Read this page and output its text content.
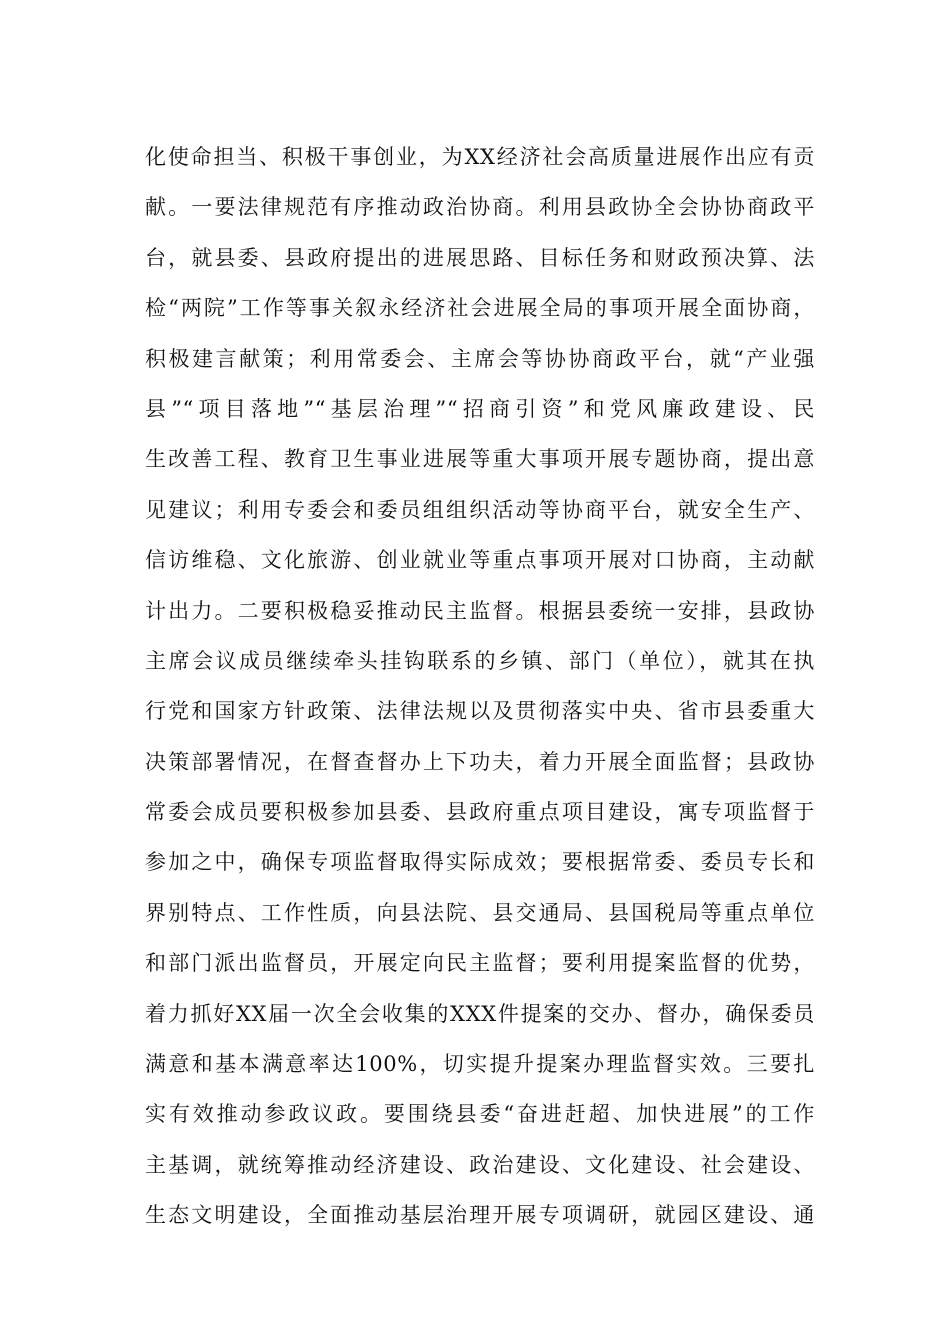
化使命担当、积极干事创业，为XX经济社会高质量进展作出应有贡
献。一要法律规范有序推动政治协商。利用县政协全会协协商政平
台，就县委、县政府提出的进展思路、目标任务和财政预决算、法
检“两院”工作等事关叙永经济社会进展全局的事项开展全面协商，
积极建言献策；利用常委会、主席会等协协商政平台，就“产业强
县”“项目落地”“基层治理”“招商引资”和党风廉政建设、民
生改善工程、教育卫生事业进展等重大事项开展专题协商，提出意
见建议；利用专委会和委员组组织活动等协商平台，就安全生产、
信访维稳、文化旅游、创业就业等重点事项开展对口协商，主动献
计出力。二要积极稳妥推动民主监督。根据县委统一安排，县政协
主席会议成员继续牵头挂钩联系的乡镇、部门（单位），就其在执
行党和国家方针政策、法律法规以及贯彻落实中央、省市县委重大
决策部署情况，在督查督办上下功夫，着力开展全面监督；县政协
常委会成员要积极参加县委、县政府重点项目建设，寓专项监督于
参加之中，确保专项监督取得实际成效；要根据常委、委员专长和
界别特点、工作性质，向县法院、县交通局、县国税局等重点单位
和部门派出监督员，开展定向民主监督；要利用提案监督的优势，
着力抓好XX届一次全会收集的XXX件提案的交办、督办，确保委员
满意和基本满意率达100%，切实提升提案办理监督实效。三要扎
实有效推动参政议政。要围绕县委“奋进赶超、加快进展”的工作
主基调，就统筹推动经济建设、政治建设、文化建设、社会建设、
生态文明建设，全面推动基层治理开展专项调研，就园区建设、通
